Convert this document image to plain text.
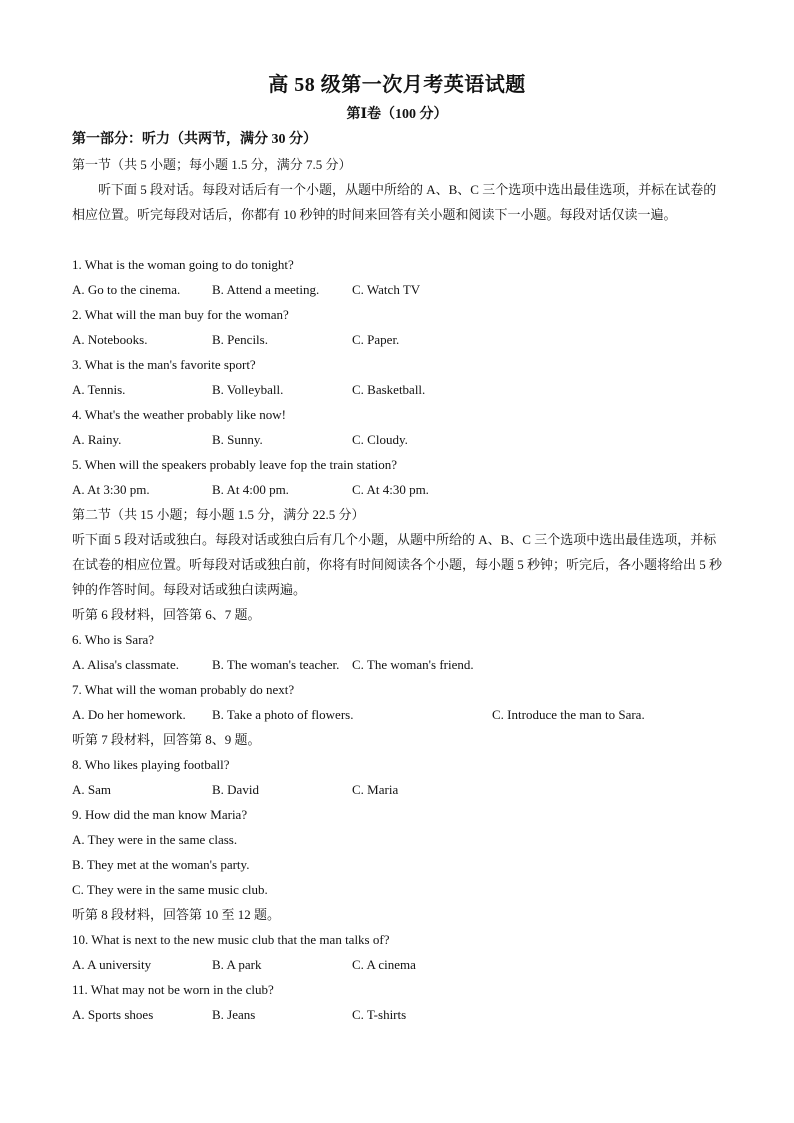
高 58 级第一次月考英语试题
第Ⅰ卷（100 分）
第一部分：听力（共两节，满分 30 分）
第一节（共 5 小题；每小题 1.5 分，满分 7.5 分）
听下面 5 段对话。每段对话后有一个小题，从题中所给的 A、B、C 三个选项中选出最佳选项，并标在试卷的相应位置。听完每段对话后，你都有 10 秒钟的时间来回答有关小题和阅读下一小题。每段对话仅读一遍。
1. What is the woman going to do tonight?
A. Go to the cinema. B. Attend a meeting.	C. Watch TV
2. What will the man buy for the woman?
A. Notebooks.	B. Pencils.	C. Paper.
3. What is the man's favorite sport?
A. Tennis.	B. Volleyball.	C. Basketball.
4. What's the weather probably like now!
A. Rainy.	B. Sunny.	C. Cloudy.
5. When will the speakers probably leave fop the train station?
A. At 3:30 pm.	B. At 4:00 pm.	C. At 4:30 pm.
第二节（共 15 小题；每小题 1.5 分，满分 22.5 分）
听下面 5 段对话或独白。每段对话或独白后有几个小题，从题中所给的 A、B、C 三个选项中选出最佳选项，并标在试卷的相应位置。听每段对话或独白前，你将有时间阅读各个小题，每小题 5 秒钟；听完后，各小题将给出 5 秒钟的作答时间。每段对话或独白读两遍。
听第 6 段材料，回答第 6、7 题。
6. Who is Sara?
A. Alisa's classmate.	B. The woman's teacher. C. The woman's friend.
7. What will the woman probably do next?
A. Do her homework. B. Take a photo of flowers.	C. Introduce the man to Sara.
听第 7 段材料，回答第 8、9 题。
8. Who likes playing football?
A. Sam	B. David	C. Maria
9. How did the man know Maria?
A. They were in the same class.
B. They met at the woman's party.
C. They were in the same music club.
听第 8 段材料，回答第 10 至 12 题。
10. What is next to the new music club that the man talks of?
A. A university	B. A park	C. A cinema
11. What may not be worn in the club?
A. Sports shoes	B. Jeans	C. T-shirts
